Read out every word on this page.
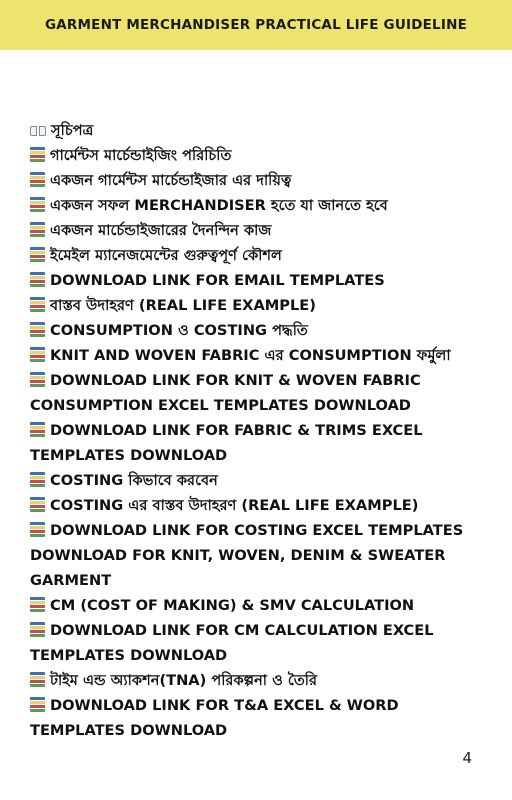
GARMENT MERCHANDISER PRACTICAL LIFE GUIDELINE
সূচিপত্র
গার্মেন্টস মার্চেন্ডাইজিং পরিচিতি
একজন গার্মেন্টস মার্চেন্ডাইজার এর দায়িত্ব
একজন সফল MERCHANDISER হতে যা জানতে হবে
একজন মার্চেন্ডাইজারের দৈনন্দিন কাজ
ইমেইল ম্যানেজমেন্টের গুরুত্বপূর্ণ কৌশল
DOWNLOAD LINK FOR EMAIL TEMPLATES
বাস্তব উদাহরণ (REAL LIFE EXAMPLE)
CONSUMPTION ও COSTING পদ্ধতি
KNIT AND WOVEN FABRIC এর CONSUMPTION ফর্মুলা
DOWNLOAD LINK FOR KNIT & WOVEN FABRIC CONSUMPTION EXCEL TEMPLATES DOWNLOAD
DOWNLOAD LINK FOR FABRIC & TRIMS EXCEL TEMPLATES DOWNLOAD
COSTING কিভাবে করবেন
COSTING এর বাস্তব উদাহরণ (REAL LIFE EXAMPLE)
DOWNLOAD LINK FOR COSTING EXCEL TEMPLATES DOWNLOAD FOR KNIT, WOVEN, DENIM & SWEATER GARMENT
CM (COST OF MAKING) & SMV CALCULATION
DOWNLOAD LINK FOR CM CALCULATION EXCEL TEMPLATES DOWNLOAD
টাইম এন্ড অ্যাকশন(TNA) পরিকল্পনা ও তৈরি
DOWNLOAD LINK FOR T&A EXCEL & WORD TEMPLATES DOWNLOAD
4
